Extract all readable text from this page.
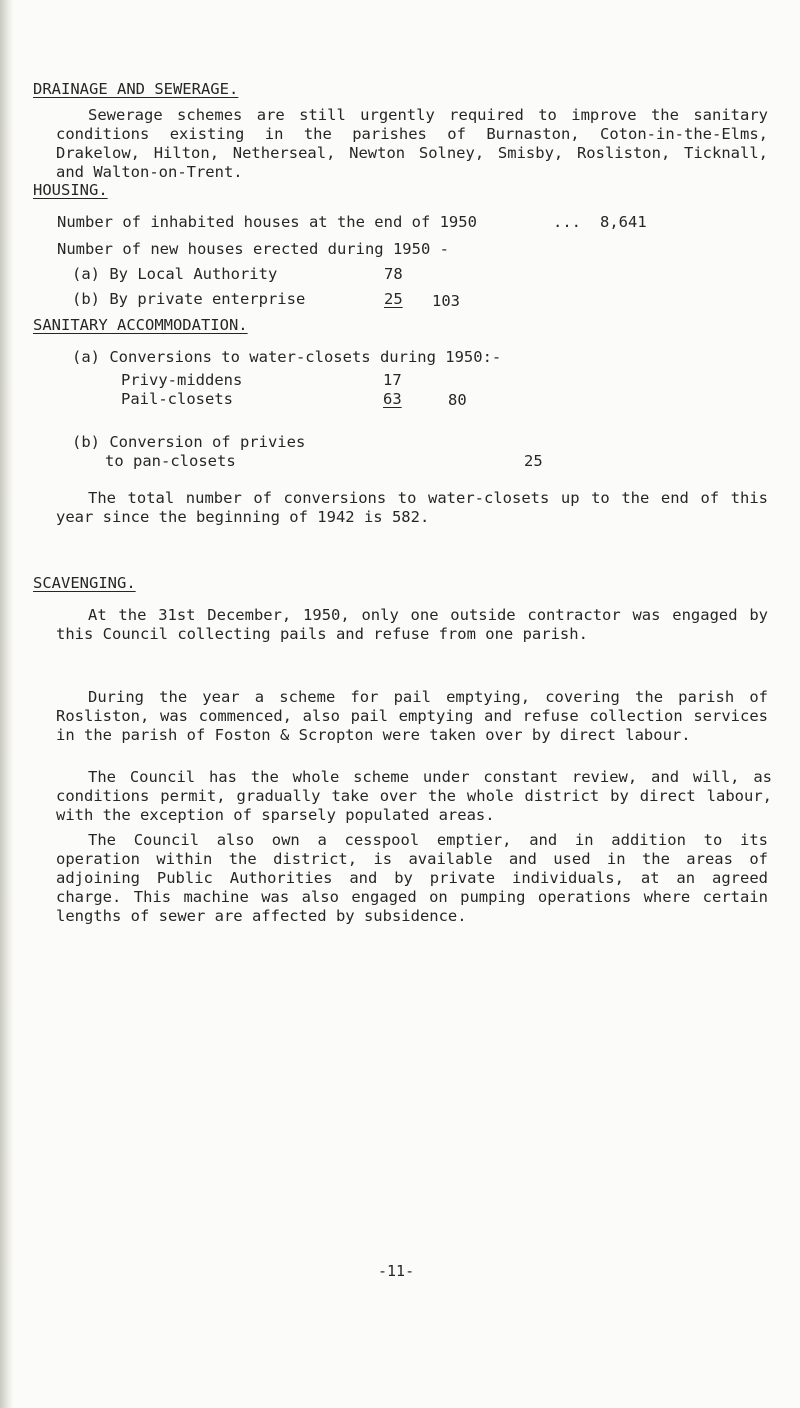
DRAINAGE AND SEWERAGE.
Sewerage schemes are still urgently required to improve the sanitary conditions existing in the parishes of Burnaston, Coton-in-the-Elms, Drakelow, Hilton, Netherseal, Newton Solney, Smisby, Rosliston, Ticknall, and Walton-on-Trent.
HOUSING.
Number of inhabited houses at the end of 1950	... 8,641
Number of new houses erected during 1950 -
(a) By Local Authority	78
(b) By private enterprise	25 103
SANITARY ACCOMMODATION.
(a) Conversions to water-closets during 1950:-
Privy-middens	17
Pail-closets	63	80
(b) Conversion of privies
to pan-closets	25
The total number of conversions to water-closets up to the end of this year since the beginning of 1942 is 582.
SCAVENGING.
At the 31st December, 1950, only one outside contractor was engaged by this Council collecting pails and refuse from one parish.
During the year a scheme for pail emptying, covering the parish of Rosliston, was commenced, also pail emptying and refuse collection services in the parish of Foston & Scropton were taken over by direct labour.
The Council has the whole scheme under constant review, and will, as conditions permit, gradually take over the whole district by direct labour, with the exception of sparsely populated areas.
The Council also own a cesspool emptier, and in addition to its operation within the district, is available and used in the areas of adjoining Public Authorities and by private individuals, at an agreed charge. This machine was also engaged on pumping operations where certain lengths of sewer are affected by subsidence.
-11-
